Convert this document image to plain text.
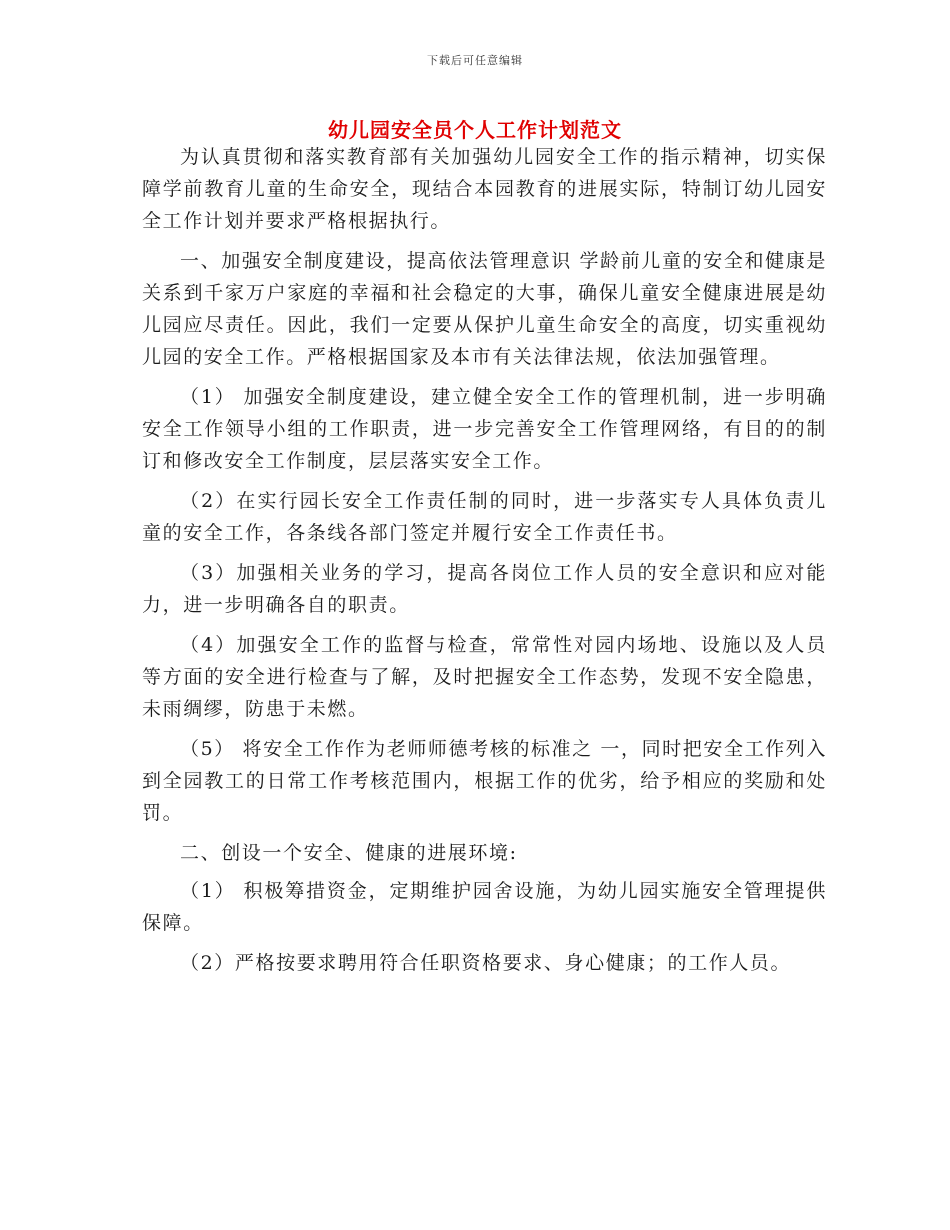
下载后可任意编辑
幼儿园安全员个人工作计划范文

为认真贯彻和落实教育部有关加强幼儿园安全工作的指示精神，切实保障学前教育儿童的生命安全，现结合本园教育的进展实际，特制订幼儿园安全工作计划并要求严格根据执行。

一、加强安全制度建设，提高依法管理意识 学龄前儿童的安全和健康是关系到千家万户家庭的幸福和社会稳定的大事，确保儿童安全健康进展是幼儿园应尽责任。因此，我们一定要从保护儿童生命安全的高度，切实重视幼儿园的安全工作。严格根据国家及本市有关法律法规，依法加强管理。

（1） 加强安全制度建设，建立健全安全工作的管理机制，进一步明确安全工作领导小组的工作职责，进一步完善安全工作管理网络，有目的的制订和修改安全工作制度，层层落实安全工作。

（2）在实行园长安全工作责任制的同时，进一步落实专人具体负责儿童的安全工作，各条线各部门签定并履行安全工作责任书。

（3）加强相关业务的学习，提高各岗位工作人员的安全意识和应对能力，进一步明确各自的职责。

（4）加强安全工作的监督与检查，常常性对园内场地、设施以及人员等方面的安全进行检查与了解，及时把握安全工作态势，发现不安全隐患，未雨绸缪，防患于未燃。

（5） 将安全工作作为老师师德考核的标准之 一，同时把安全工作列入到全园教工的日常工作考核范围内，根据工作的优劣，给予相应的奖励和处罚。

二、创设一个安全、健康的进展环境:

（1） 积极筹措资金，定期维护园舍设施，为幼儿园实施安全管理提供保障。

（2）严格按要求聘用符合任职资格要求、身心健康；的工作人员。
